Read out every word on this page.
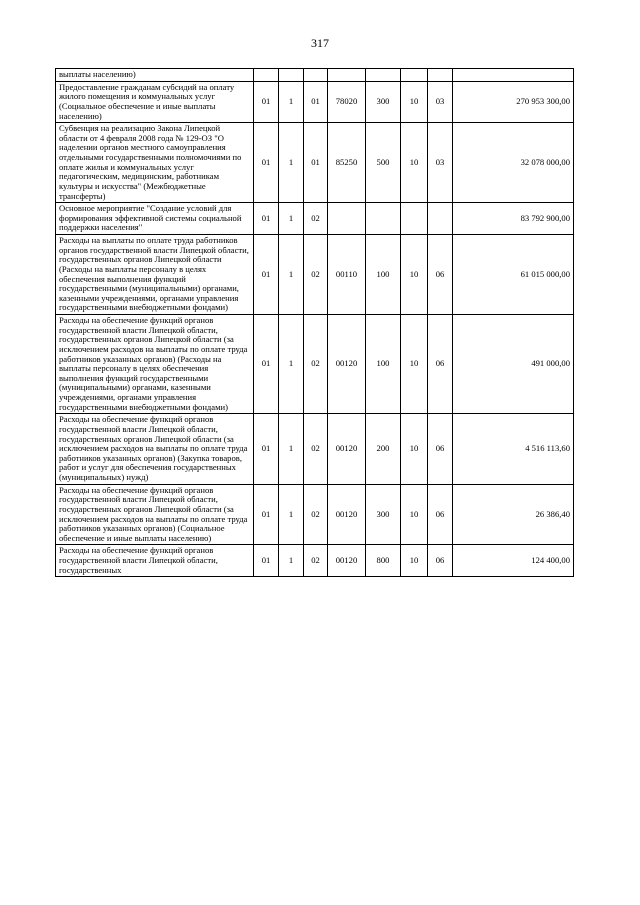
317
выплаты населению)								
Предоставление гражданам субсидий на оплату жилого помещения и коммунальных услуг (Социальное обеспечение и иные выплаты населению)	01	1	01	78020	300	10	03	270 953 300,00
Субвенция на реализацию Закона Липецкой области от 4 февраля 2008 года № 129-ОЗ "О наделении органов местного самоуправления отдельными государственными полномочиями по оплате жилья и коммунальных услуг педагогическим, медицинским, работникам культуры и искусства" (Межбюджетные трансферты)	01	1	01	85250	500	10	03	32 078 000,00
Основное мероприятие "Создание условий для формирования эффективной системы социальной поддержки населения"	01	1	02					83 792 900,00
Расходы на выплаты по оплате труда работников органов государственной власти Липецкой области, государственных органов Липецкой области (Расходы на выплаты персоналу в целях обеспечения выполнения функций государственными (муниципальными) органами, казенными учреждениями, органами управления государственными внебюджетными фондами)	01	1	02	00110	100	10	06	61 015 000,00
Расходы на обеспечение функций органов государственной власти Липецкой области, государственных органов Липецкой области (за исключением расходов на выплаты по оплате труда работников указанных органов) (Расходы на выплаты персоналу в целях обеспечения выполнения функций государственными (муниципальными) органами, казенными учреждениями, органами управления государственными внебюджетными фондами)	01	1	02	00120	100	10	06	491 000,00
Расходы на обеспечение функций органов государственной власти Липецкой области, государственных органов Липецкой области (за исключением расходов на выплаты по оплате труда работников указанных органов) (Закупка товаров, работ и услуг для обеспечения государственных (муниципальных) нужд)	01	1	02	00120	200	10	06	4 516 113,60
Расходы на обеспечение функций органов государственной власти Липецкой области, государственных органов Липецкой области (за исключением расходов на выплаты по оплате труда работников указанных органов) (Социальное обеспечение и иные выплаты населению)	01	1	02	00120	300	10	06	26 386,40
Расходы на обеспечение функций органов государственной власти Липецкой области, государственных	01	1	02	00120	800	10	06	124 400,00
